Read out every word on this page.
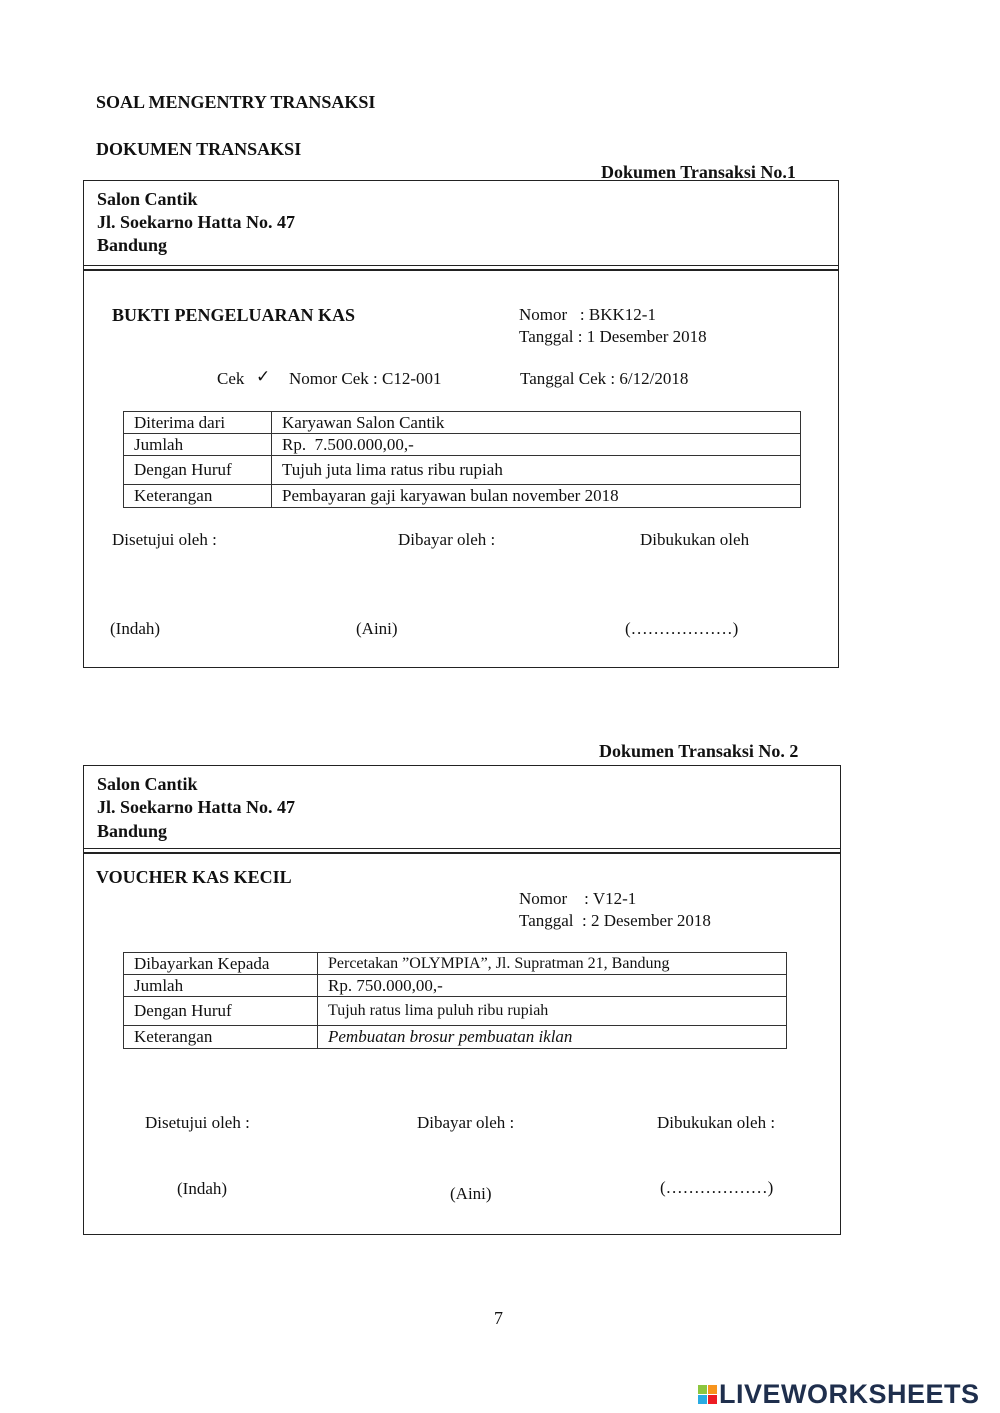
SOAL MENGENTRY TRANSAKSI
DOKUMEN TRANSAKSI
Dokumen Transaksi No.1
Salon Cantik
Jl. Soekarno Hatta No. 47
Bandung
BUKTI PENGELUARAN KAS	Nomor   : BKK12-1
Tanggal : 1 Desember 2018
Cek ✓ Nomor Cek : C12-001	Tanggal Cek : 6/12/2018
Diterima dari	Karyawan Salon Cantik
Jumlah	Rp.  7.500.000,00,-
Dengan Huruf	Tujuh juta lima ratus ribu rupiah
Keterangan	Pembayaran gaji karyawan bulan november 2018
Disetujui oleh :	Dibayar oleh :	Dibukukan oleh
(Indah)	(Aini)	(………………)
Dokumen Transaksi No. 2
Salon Cantik
Jl. Soekarno Hatta No. 47
Bandung
VOUCHER KAS KECIL
Nomor    : V12-1
Tanggal  : 2 Desember 2018
Dibayarkan Kepada	Percetakan ”OLYMPIA”, Jl. Supratman 21, Bandung
Jumlah	Rp. 750.000,00,-
Dengan Huruf	Tujuh ratus lima puluh ribu rupiah
Keterangan	Pembuatan brosur pembuatan iklan
Disetujui oleh :	Dibayar oleh :	Dibukukan oleh :
(Indah)	(Aini)	(………………)
7
LIVEWORKSHEETS
